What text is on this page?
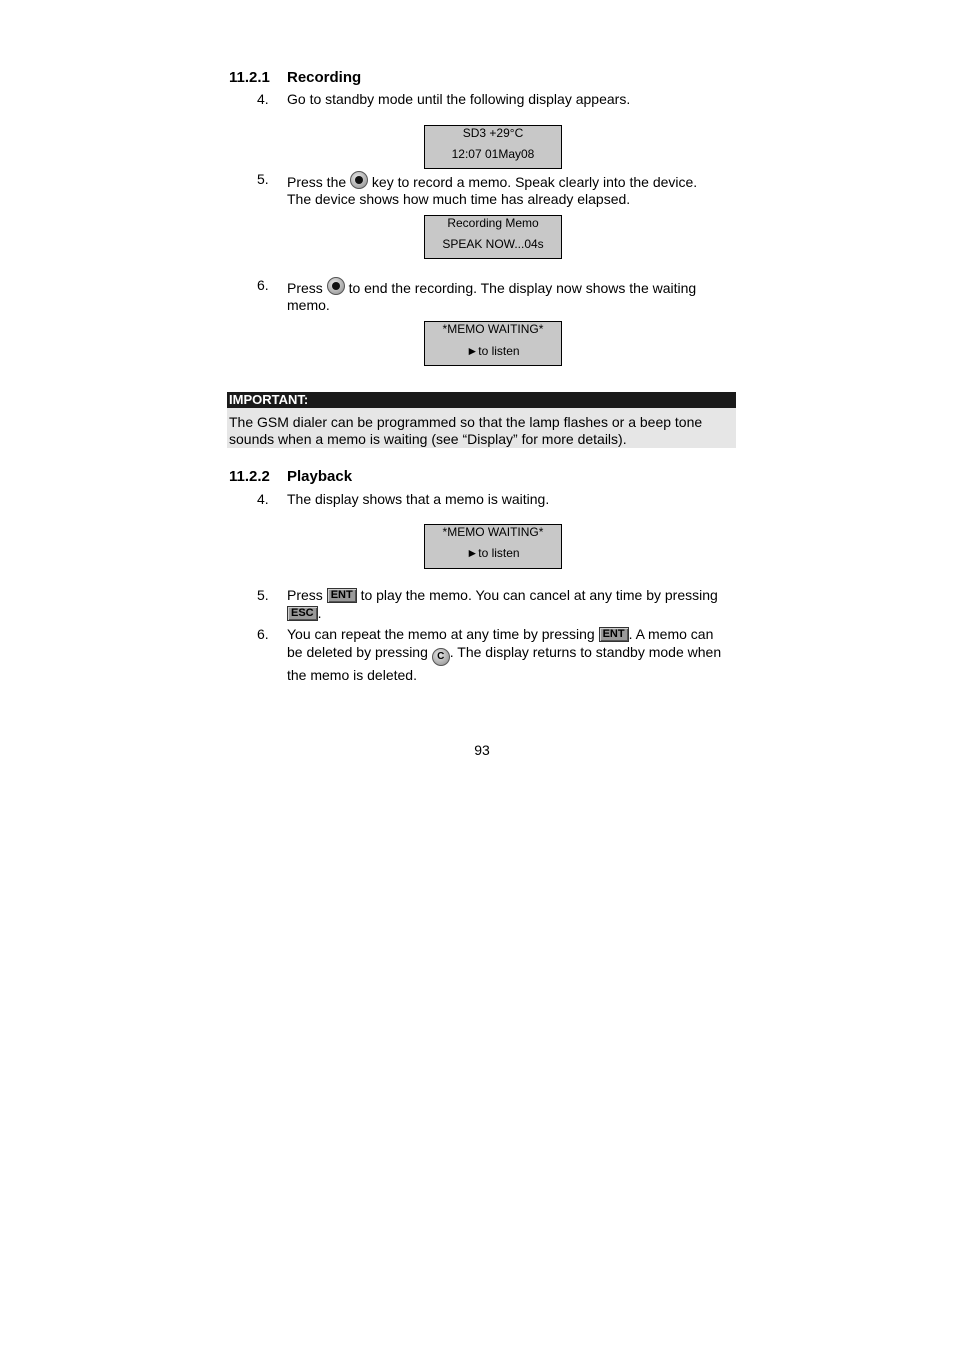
11.2.1 Recording
4. Go to standby mode until the following display appears.
SD3 +29°C
12:07 01May08
5. Press the key to record a memo. Speak clearly into the device.
The device shows how much time has already elapsed.
Recording Memo
SPEAK NOW...04s
6. Press to end the recording. The display now shows the waiting
memo.
*MEMO WAITING*
►to listen
IMPORTANT:
The GSM dialer can be programmed so that the lamp flashes or a beep tone
sounds when a memo is waiting (see “Display” for more details).
11.2.2 Playback
4. The display shows that a memo is waiting.
*MEMO WAITING*
►to listen
5. Press ENT to play the memo. You can cancel at any time by pressing
ESC .
6. You can repeat the memo at any time by pressing ENT . A memo can
be deleted by pressing C . The display returns to standby mode when
the memo is deleted.
93
